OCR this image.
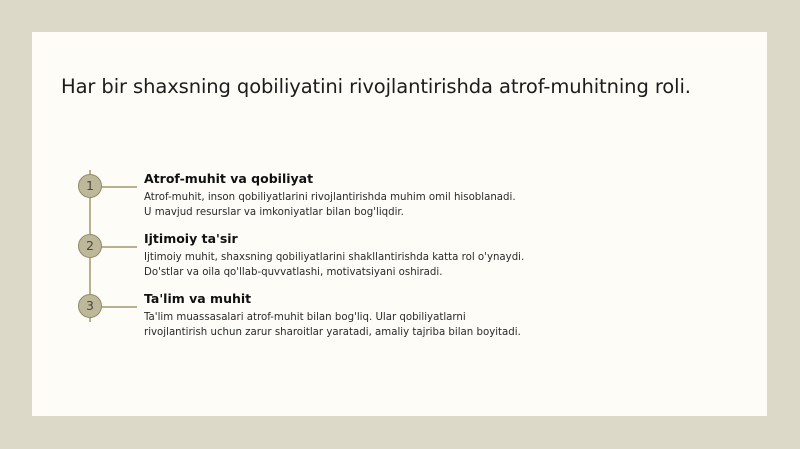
Har bir shaxsning qobiliyatini rivojlantirishda atrof-muhitning roli.
1	Atrof-muhit va qobiliyat

Atrof-muhit, inson qobiliyatlarini rivojlantirishda muhim omil hisoblanadi.
U mavjud resurslar va imkoniyatlar bilan bog'liqdir.

2	Ijtimoiy ta'sir

Ijtimoiy muhit, shaxsning qobiliyatlarini shakllantirishda katta rol o'ynaydi.
Do'stlar va oila qo'llab-quvvatlashi, motivatsiyani oshiradi.

3	Ta'lim va muhit

Ta'lim muassasalari atrof-muhit bilan bog'liq. Ular qobiliyatlarni
rivojlantirish uchun zarur sharoitlar yaratadi, amaliy tajriba bilan boyitadi.
